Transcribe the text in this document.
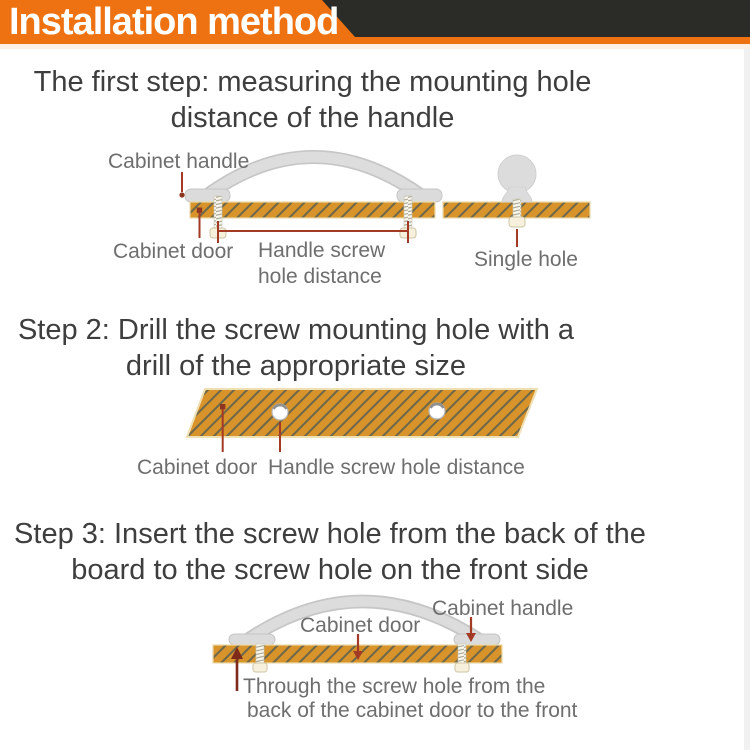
Installation method
The first step: measuring the mounting hole
distance of the handle
Step 2: Drill the screw mounting hole with a
drill of the appropriate size
Step 3: Insert the screw hole from the back of the
board to the screw hole on the front side
Cabinet handle
Cabinet door Handle screw
hole distance
Single hole
Cabinet door Handle screw hole distance
Cabinet door
Cabinet handle
Through the screw hole from the
back of the cabinet door to the front
